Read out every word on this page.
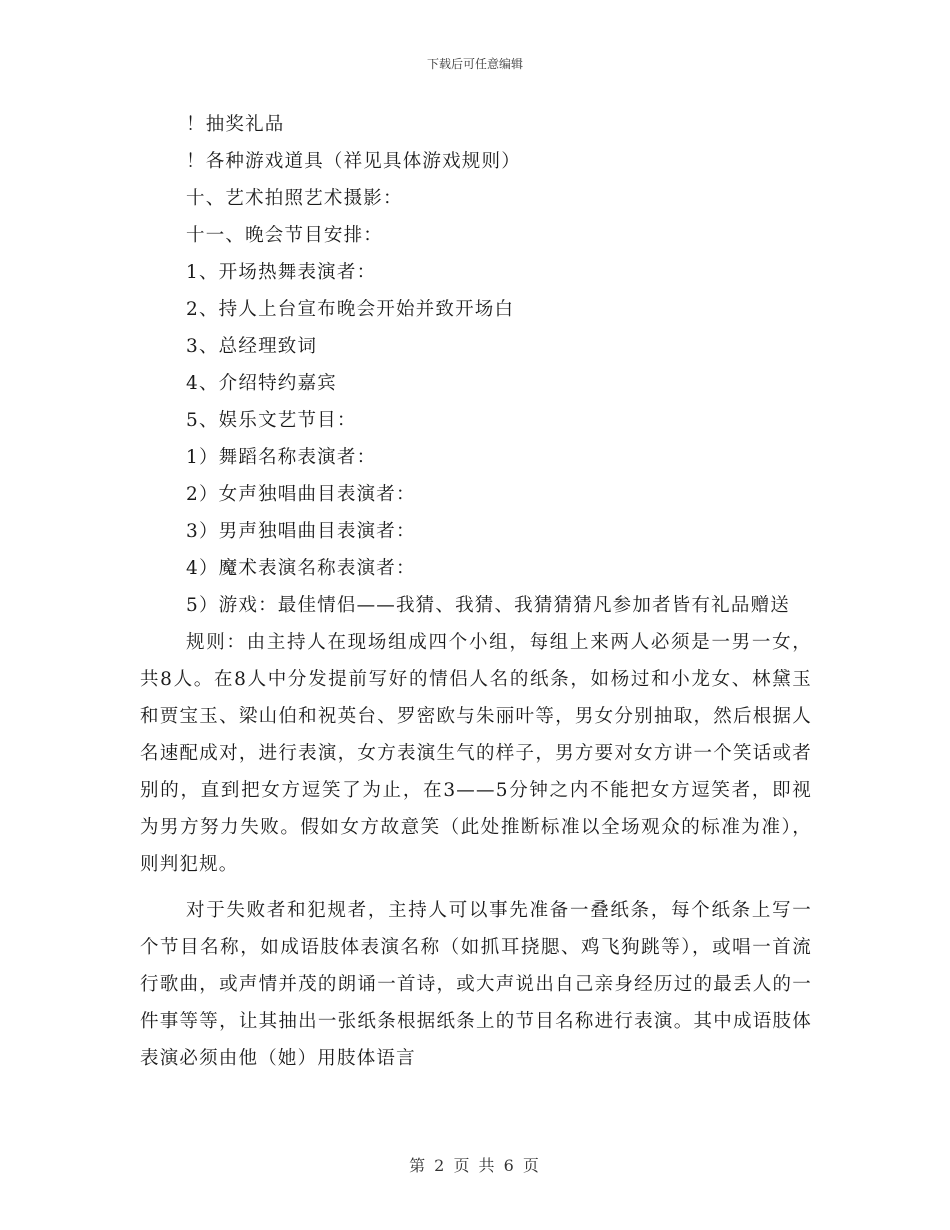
下载后可任意编辑

！抽奖礼品

！各种游戏道具（祥见具体游戏规则）

十、艺术拍照艺术摄影：

十一、晚会节目安排：

1、开场热舞表演者：

2、持人上台宣布晚会开始并致开场白

3、总经理致词

4、介绍特约嘉宾

5、娱乐文艺节目：

1）舞蹈名称表演者：

2）女声独唱曲目表演者：

3）男声独唱曲目表演者：

4）魔术表演名称表演者：

5）游戏：最佳情侣——我猜、我猜、我猜猜猜凡参加者皆有礼品赠送

规则：由主持人在现场组成四个小组，每组上来两人必须是一男一女，共8人。在8人中分发提前写好的情侣人名的纸条，如杨过和小龙女、林黛玉和贾宝玉、梁山伯和祝英台、罗密欧与朱丽叶等，男女分别抽取，然后根据人名速配成对，进行表演，女方表演生气的样子，男方要对女方讲一个笑话或者别的，直到把女方逗笑了为止，在3——5分钟之内不能把女方逗笑者，即视为男方努力失败。假如女方故意笑（此处推断标准以全场观众的标准为准），则判犯规。

对于失败者和犯规者，主持人可以事先准备一叠纸条，每个纸条上写一个节目名称，如成语肢体表演名称（如抓耳挠腮、鸡飞狗跳等），或唱一首流行歌曲，或声情并茂的朗诵一首诗，或大声说出自己亲身经历过的最丢人的一件事等等，让其抽出一张纸条根据纸条上的节目名称进行表演。其中成语肢体表演必须由他（她）用肢体语言

第 2 页 共 6 页
